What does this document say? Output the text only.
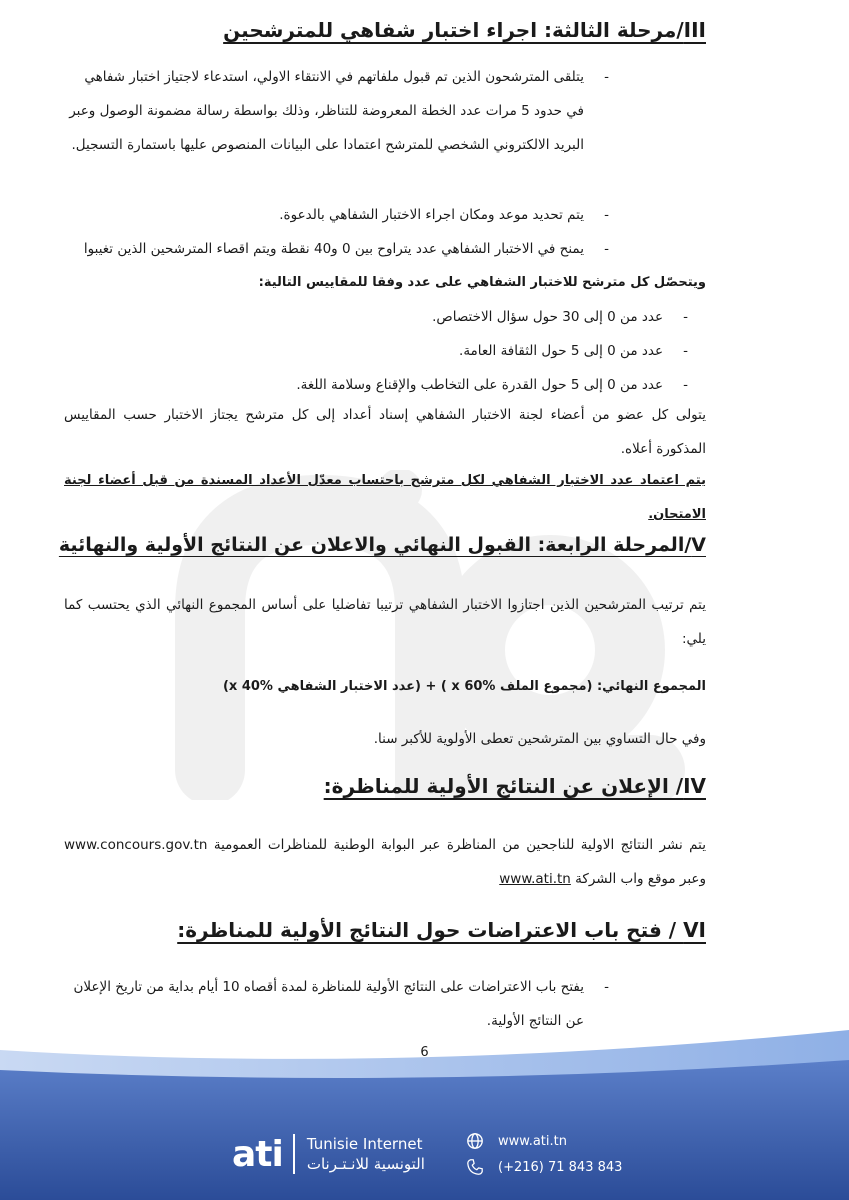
III/مرحلة الثالثة: اجراء اختبار شفاهي للمترشحين

-
يتلقى المترشحون الذين تم قبول ملفاتهم في الانتقاء الاولي، استدعاء لاجتياز اختبار شفاهي في حدود 5 مرات عدد الخطة المعروضة للتناظر، وذلك بواسطة رسالة مضمونة الوصول وعبر البريد الالكتروني الشخصي للمترشح اعتمادا على البيانات المنصوص عليها باستمارة التسجيل.
-
يتم تحديد موعد ومكان اجراء الاختبار الشفاهي بالدعوة.
-
يمنح في الاختبار الشفاهي عدد يتراوح بين 0 و40 نقطة ويتم اقصاء المترشحين الذين تغيبوا

ويتحصّل كل مترشح للاختبار الشفاهي على عدد وفقا للمقاييس التالية:

-
عدد من 0 إلى 30 حول سؤال الاختصاص.
-
عدد من 0 إلى 5 حول الثقافة العامة.
-
عدد من 0 إلى 5 حول القدرة على التخاطب والإقناع وسلامة اللغة.

يتولى كل عضو من أعضاء لجنة الاختبار الشفاهي إسناد أعداد إلى كل مترشح يجتاز الاختبار حسب المقاييس المذكورة أعلاه.

يتم اعتماد عدد الاختبار الشفاهي لكل مترشح باحتساب معدّل الأعداد المسندة من قبل أعضاء لجنة الامتحان.

V/المرحلة الرابعة: القبول النهائي والاعلان عن النتائج الأولية والنهائية

يتم ترتيب المترشحين الذين اجتازوا الاختبار الشفاهي ترتيبا تفاضليا على أساس المجموع النهائي الذي يحتسب كما يلي:

المجموع النهائي: (مجموع الملف x 60% ) + (عدد الاختبار الشفاهي x 40%)

وفي حال التساوي بين المترشحين تعطى الأولوية للأكبر سنا.

IV/ الإعلان عن النتائج الأولية للمناظرة:

يتم نشر النتائج الاولية للناجحين من المناظرة عبر البوابة الوطنية للمناظرات العمومية www.concours.gov.tn وعبر موقع واب الشركة www.ati.tn

VI / فتح باب الاعتراضات حول النتائج الأولية للمناظرة:
-
يفتح باب الاعتراضات على النتائج الأولية للمناظرة لمدة أقصاه 10 أيام بداية من تاريخ الإعلان عن النتائج الأولية.
6
ati Tunisie Internet
التونسية للانـتـرنات
www.ati.tn
(+216) 71 843 843
